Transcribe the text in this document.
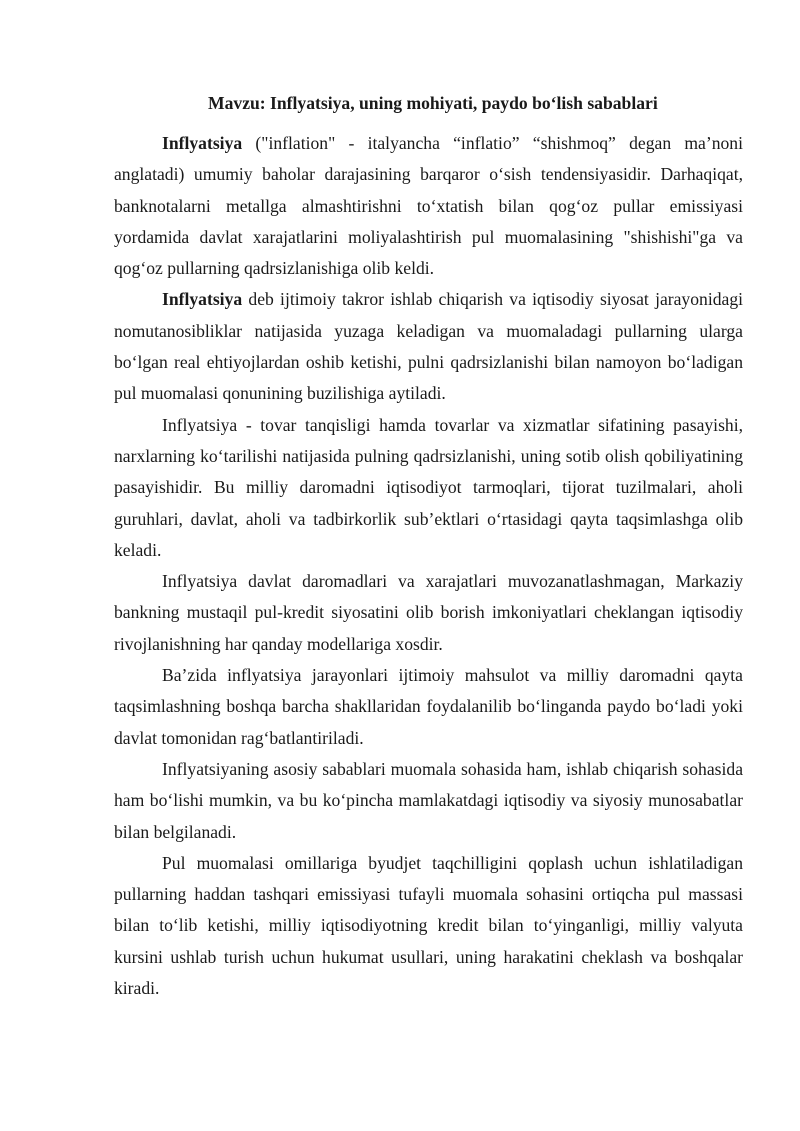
Mavzu: Inflyatsiya, uning mohiyati, paydo bo‘lish sabablari

Inflyatsiya ("inflation" - italyancha “inflatio” “shishmoq” degan ma’noni anglatadi) umumiy baholar darajasining barqaror o‘sish tendensiyasidir. Darhaqiqat, banknotalarni metallga almashtirishni to‘xtatish bilan qog‘oz pullar emissiyasi yordamida davlat xarajatlarini moliyalashtirish pul muomalasining "shishishi"ga va qog‘oz pullarning qadrsizlanishiga olib keldi.

Inflyatsiya deb ijtimoiy takror ishlab chiqarish va iqtisodiy siyosat jarayonidagi nomutanosibliklar natijasida yuzaga keladigan va muomaladagi pullarning ularga bo‘lgan real ehtiyojlardan oshib ketishi, pulni qadrsizlanishi bilan namoyon bo‘ladigan pul muomalasi qonunining buzilishiga aytiladi.

Inflyatsiya - tovar tanqisligi hamda tovarlar va xizmatlar sifatining pasayishi, narxlarning ko‘tarilishi natijasida pulning qadrsizlanishi, uning sotib olish qobiliyatining pasayishidir. Bu milliy daromadni iqtisodiyot tarmoqlari, tijorat tuzilmalari, aholi guruhlari, davlat, aholi va tadbirkorlik sub’ektlari o‘rtasidagi qayta taqsimlashga olib keladi.

Inflyatsiya davlat daromadlari va xarajatlari muvozanatlashmagan, Markaziy bankning mustaqil pul-kredit siyosatini olib borish imkoniyatlari cheklangan iqtisodiy rivojlanishning har qanday modellariga xosdir.

Ba’zida inflyatsiya jarayonlari ijtimoiy mahsulot va milliy daromadni qayta taqsimlashning boshqa barcha shakllaridan foydalanilib bo‘linganda paydo bo‘ladi yoki davlat tomonidan rag‘batlantiriladi.

Inflyatsiyaning asosiy sabablari muomala sohasida ham, ishlab chiqarish sohasida ham bo‘lishi mumkin, va bu ko‘pincha mamlakatdagi iqtisodiy va siyosiy munosabatlar bilan belgilanadi.

Pul muomalasi omillariga byudjet taqchilligini qoplash uchun ishlatiladigan pullarning haddan tashqari emissiyasi tufayli muomala sohasini ortiqcha pul massasi bilan to‘lib ketishi, milliy iqtisodiyotning kredit bilan to‘yinganligi, milliy valyuta kursini ushlab turish uchun hukumat usullari, uning harakatini cheklash va boshqalar kiradi.
